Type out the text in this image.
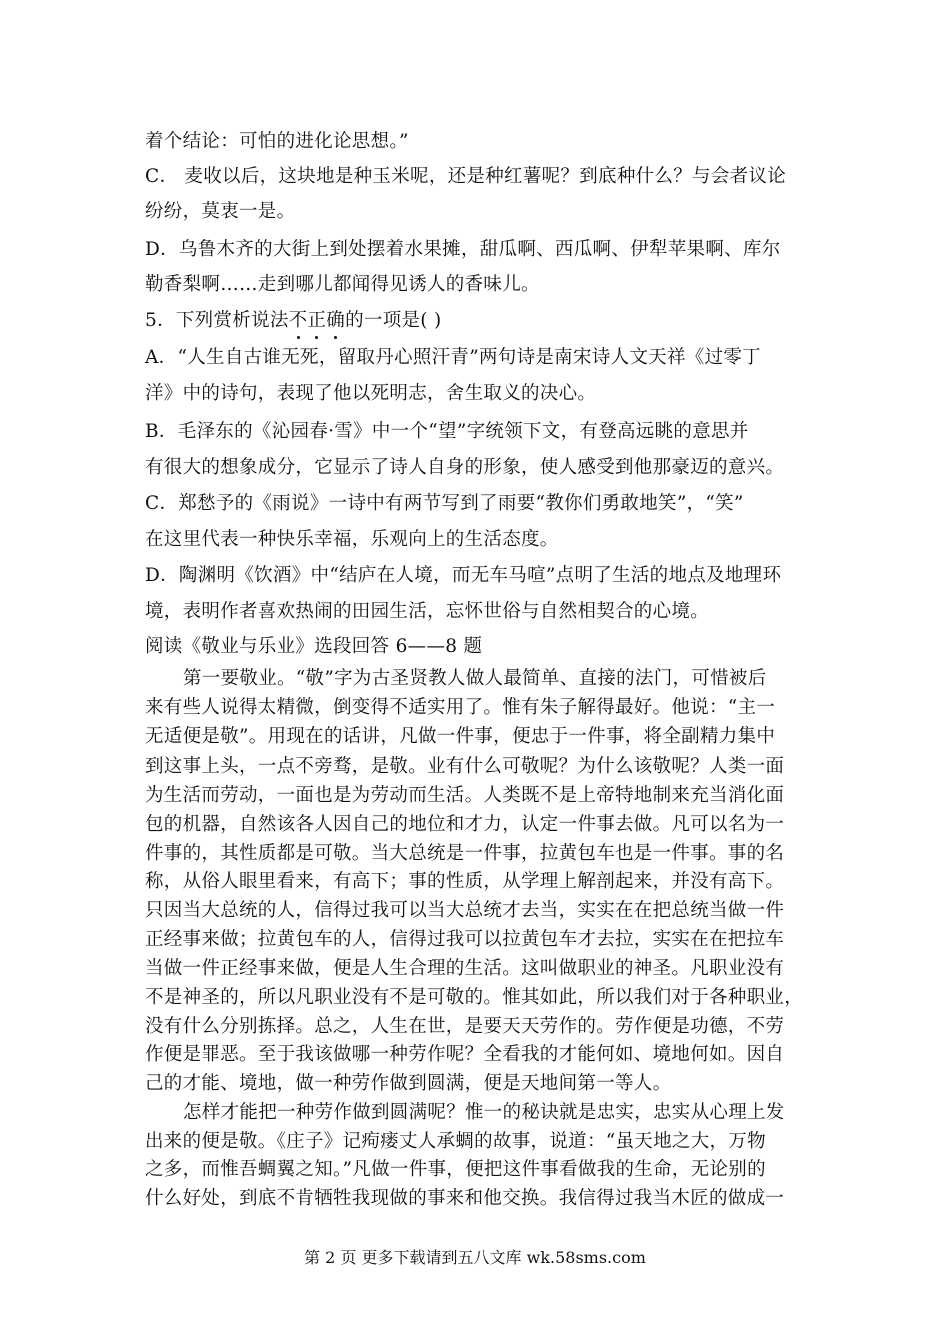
着个结论：可怕的进化论思想。”
C． 麦收以后，这块地是种玉米呢，还是种红薯呢？到底种什么？与会者议论
纷纷，莫衷一是。
D．乌鲁木齐的大街上到处摆着水果摊，甜瓜啊、西瓜啊、伊犁苹果啊、库尔
勒香梨啊……走到哪儿都闻得见诱人的香味儿。
5．下列赏析说法不正确的一项是( )
A．“人生自古谁无死，留取丹心照汗青”两句诗是南宋诗人文天祥《过零丁
洋》中的诗句，表现了他以死明志，舍生取义的决心。
B．毛泽东的《沁园春·雪》中一个“望”字统领下文，有登高远眺的意思并
有很大的想象成分，它显示了诗人自身的形象，使人感受到他那豪迈的意兴。
C．郑愁予的《雨说》一诗中有两节写到了雨要“教你们勇敢地笑”，“笑”
在这里代表一种快乐幸福，乐观向上的生活态度。
D．陶渊明《饮酒》中“结庐在人境，而无车马喧”点明了生活的地点及地理环
境，表明作者喜欢热闹的田园生活，忘怀世俗与自然相契合的心境。
阅读《敬业与乐业》选段回答 6——8 题
第一要敬业。“敬”字为古圣贤教人做人最简单、直接的法门，可惜被后
来有些人说得太精微，倒变得不适实用了。惟有朱子解得最好。他说：“主一
无适便是敬”。用现在的话讲，凡做一件事，便忠于一件事，将全副精力集中
到这事上头，一点不旁骛，是敬。业有什么可敬呢？为什么该敬呢？人类一面
为生活而劳动，一面也是为劳动而生活。人类既不是上帝特地制来充当消化面
包的机器，自然该各人因自己的地位和才力，认定一件事去做。凡可以名为一
件事的，其性质都是可敬。当大总统是一件事，拉黄包车也是一件事。事的名
称，从俗人眼里看来，有高下；事的性质，从学理上解剖起来，并没有高下。
只因当大总统的人，信得过我可以当大总统才去当，实实在在把总统当做一件
正经事来做；拉黄包车的人，信得过我可以拉黄包车才去拉，实实在在把拉车
当做一件正经事来做，便是人生合理的生活。这叫做职业的神圣。凡职业没有
不是神圣的，所以凡职业没有不是可敬的。惟其如此，所以我们对于各种职业，
没有什么分别拣择。总之，人生在世，是要天天劳作的。劳作便是功德，不劳
作便是罪恶。至于我该做哪一种劳作呢？全看我的才能何如、境地何如。因自
己的才能、境地，做一种劳作做到圆满，便是天地间第一等人。
怎样才能把一种劳作做到圆满呢？惟一的秘诀就是忠实，忠实从心理上发
出来的便是敬。《庄子》记痀瘘丈人承蜩的故事，说道：“虽天地之大，万物
之多，而惟吾蜩翼之知。”凡做一件事，便把这件事看做我的生命，无论别的
什么好处，到底不肯牺牲我现做的事来和他交换。我信得过我当木匠的做成一
第 2 页 更多下载请到五八文库 wk.58sms.com
